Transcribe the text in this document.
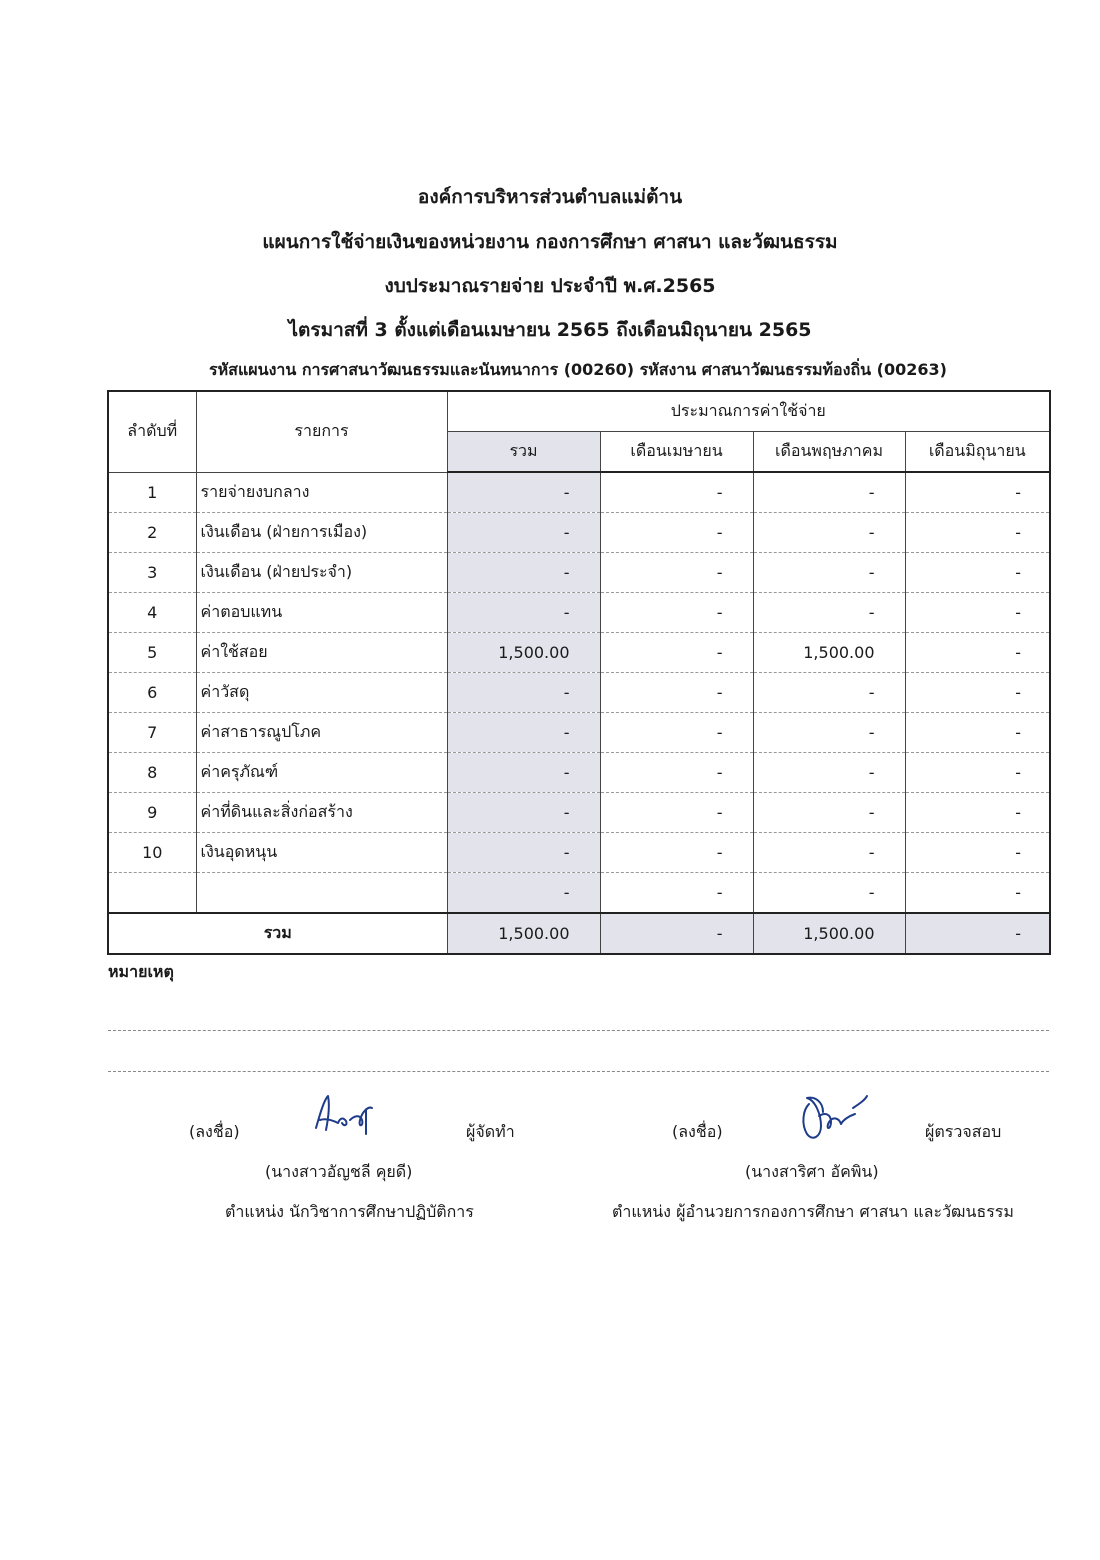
องค์การบริหารส่วนตำบลแม่ต้าน
แผนการใช้จ่ายเงินของหน่วยงาน กองการศึกษา ศาสนา และวัฒนธรรม
งบประมาณรายจ่าย ประจำปี พ.ศ.2565
ไตรมาสที่ 3 ตั้งแต่เดือนเมษายน 2565 ถึงเดือนมิถุนายน 2565
รหัสแผนงาน การศาสนาวัฒนธรรมและนันทนาการ (00260) รหัสงาน ศาสนาวัฒนธรรมท้องถิ่น (00263)
ลำดับที่	รายการ	ประมาณการค่าใช้จ่าย			
		รวม	เดือนเมษายน	เดือนพฤษภาคม	เดือนมิถุนายน
1	รายจ่ายงบกลาง	-	-	-	-
2	เงินเดือน (ฝ่ายการเมือง)	-	-	-	-
3	เงินเดือน (ฝ่ายประจำ)	-	-	-	-
4	ค่าตอบแทน	-	-	-	-
5	ค่าใช้สอย	1,500.00	-	1,500.00	-
6	ค่าวัสดุ	-	-	-	-
7	ค่าสาธารณูปโภค	-	-	-	-
8	ค่าครุภัณฑ์	-	-	-	-
9	ค่าที่ดินและสิ่งก่อสร้าง	-	-	-	-
10	เงินอุดหนุน	-	-	-	-
		-	-	-	-
รวม		1,500.00	-	1,500.00	-
หมายเหตุ
(ลงชื่อ)	ผู้จัดทำ
(นางสาวอัญชลี คุยดี)
ตำแหน่ง นักวิชาการศึกษาปฏิบัติการ
(ลงชื่อ)	ผู้ตรวจสอบ
(นางสาริศา อัคพิน)
ตำแหน่ง ผู้อำนวยการกองการศึกษา ศาสนา และวัฒนธรรม
